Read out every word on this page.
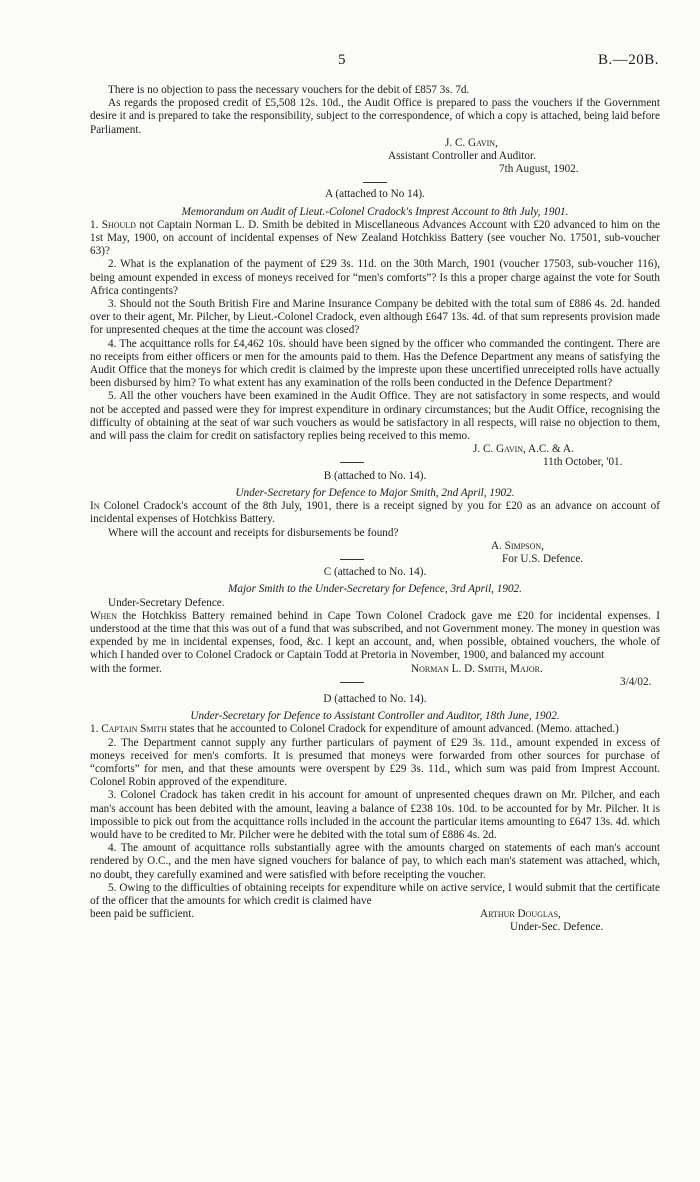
5	B.—20B.

There is no objection to pass the necessary vouchers for the debit of £857 3s. 7d.

As regards the proposed credit of £5,508 12s. 10d., the Audit Office is prepared to pass the vouchers if the Government desire it and is prepared to take the responsibility, subject to the correspondence, of which a copy is attached, being laid before Parliament.

J. C. Gavin,

Assistant Controller and Auditor.

7th August, 1902.

A (attached to No 14).

Memorandum on Audit of Lieut.-Colonel Cradock's Imprest Account to 8th July, 1901.

1. Should not Captain Norman L. D. Smith be debited in Miscellaneous Advances Account with £20 advanced to him on the 1st May, 1900, on account of incidental expenses of New Zealand Hotchkiss Battery (see voucher No. 17501, sub-voucher 63)?

2. What is the explanation of the payment of £29 3s. 11d. on the 30th March, 1901 (voucher 17503, sub-voucher 116), being amount expended in excess of moneys received for “men's comforts”? Is this a proper charge against the vote for South Africa contingents?

3. Should not the South British Fire and Marine Insurance Company be debited with the total sum of £886 4s. 2d. handed over to their agent, Mr. Pilcher, by Lieut.-Colonel Cradock, even although £647 13s. 4d. of that sum represents provision made for unpresented cheques at the time the account was closed?

4. The acquittance rolls for £4,462 10s. should have been signed by the officer who commanded the contingent. There are no receipts from either officers or men for the amounts paid to them. Has the Defence Department any means of satisfying the Audit Office that the moneys for which credit is claimed by the impreste upon these uncertified unreceipted rolls have actually been disbursed by him? To what extent has any examination of the rolls been conducted in the Defence Department?

5. All the other vouchers have been examined in the Audit Office. They are not satisfactory in some respects, and would not be accepted and passed were they for imprest expenditure in ordinary circumstances; but the Audit Office, recognising the difficulty of obtaining at the seat of war such vouchers as would be satisfactory in all respects, will raise no objection to them, and will pass the claim for credit on satisfactory replies being received to this memo.

J. C. Gavin, A.C. & A.

11th October, '01.

B (attached to No. 14).

Under-Secretary for Defence to Major Smith, 2nd April, 1902.

In Colonel Cradock's account of the 8th July, 1901, there is a receipt signed by you for £20 as an advance on account of incidental expenses of Hotchkiss Battery.

Where will the account and receipts for disbursements be found?

A. Simpson,

For U.S. Defence.

C (attached to No. 14).

Major Smith to the Under-Secretary for Defence, 3rd April, 1902.

Under-Secretary Defence.

When the Hotchkiss Battery remained behind in Cape Town Colonel Cradock gave me £20 for incidental expenses. I understood at the time that this was out of a fund that was subscribed, and not Government money. The money in question was expended by me in incidental expenses, food, &c. I kept an account, and, when possible, obtained vouchers, the whole of which I handed over to Colonel Cradock or Captain Todd at Pretoria in November, 1900, and balanced my account

with the former.	Norman L. D. Smith, Major.

3/4/02.

D (attached to No. 14).

Under-Secretary for Defence to Assistant Controller and Auditor, 18th June, 1902.

1. Captain Smith states that he accounted to Colonel Cradock for expenditure of amount advanced. (Memo. attached.)

2. The Department cannot supply any further particulars of payment of £29 3s. 11d., amount expended in excess of moneys received for men's comforts. It is presumed that moneys were forwarded from other sources for purchase of “comforts” for men, and that these amounts were overspent by £29 3s. 11d., which sum was paid from Imprest Account. Colonel Robin approved of the expenditure.

3. Colonel Cradock has taken credit in his account for amount of unpresented cheques drawn on Mr. Pilcher, and each man's account has been debited with the amount, leaving a balance of £238 10s. 10d. to be accounted for by Mr. Pilcher. It is impossible to pick out from the acquittance rolls included in the account the particular items amounting to £647 13s. 4d. which would have to be credited to Mr. Pilcher were he debited with the total sum of £886 4s. 2d.

4. The amount of acquittance rolls substantially agree with the amounts charged on statements of each man's account rendered by O.C., and the men have signed vouchers for balance of pay, to which each man's statement was attached, which, no doubt, they carefully examined and were satisfied with before receipting the voucher.

5. Owing to the difficulties of obtaining receipts for expenditure while on active service, I would submit that the certificate of the officer that the amounts for which credit is claimed have

been paid be sufficient.	Arthur Douglas,

Under-Sec. Defence.
